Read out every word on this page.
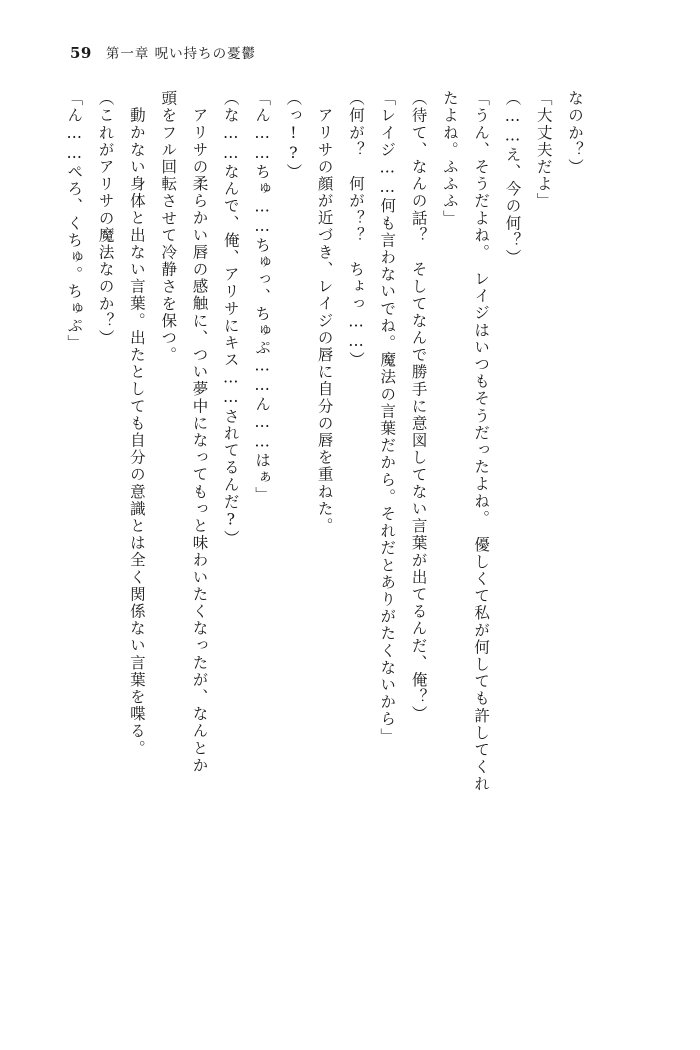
59 第一章 呪い持ちの憂鬱

なのか？）

「大丈夫だよ」

（……え、今の何？）

「うん、そうだよね。　レイジはいつもそうだったよね。　優しくて私が何しても許してくれ

たよね。ふふふ」

（待て、なんの話？　そしてなんで勝手に意図してない言葉が出てるんだ、俺？）

「レイジ……何も言わないでね。魔法の言葉だから。それだとありがたくないから」

（何が？　何が？？　ちょっ……）

アリサの顔が近づき、レイジの唇に自分の唇を重ねた。

（っ!?）

「ん……ちゅ……ちゅっ、ちゅぷ……ん……はぁ」

（な……なんで、俺、アリサにキス……されてるんだ?）

アリサの柔らかい唇の感触に、つい夢中になってもっと味わいたくなったが、なんとか

頭をフル回転させて冷静さを保つ。

動かない身体と出ない言葉。出たとしても自分の意識とは全く関係ない言葉を喋る。

（これがアリサの魔法なのか？）

「ん……ぺろ、くちゅ。ちゅぷ」
